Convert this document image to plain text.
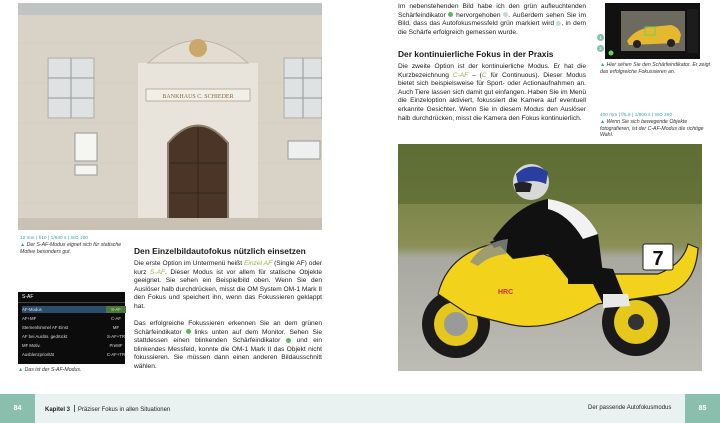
BANKHAUS C. SCHIEDER
12 mm | f/10 | 1/640 s | ISO 200
▲ Der S-AF-Modus eignet sich für statische Motive besonders gut.	Den Einzelbildautofokus nützlich einsetzen
Die erste Option im Untermenü heißt Einzel AF (Single AF) oder kurz S-AF. Dieser Modus ist vor allem für statische Objekte geeignet. Sie sehen ein Beispielbild oben. Wenn Sie den Auslöser halb durchdrücken, misst die OM System OM-1 Mark II den Fokus und speichert ihn, wenn das Fokussieren geklappt hat.
Das erfolgreiche Fokussieren erkennen Sie an dem grünen Schärfeindikator  links unten auf dem Monitor. Sehen Sie stattdessen einen blinkenden Schärfeindikator  und ein blinkendes Messfeld, konnte die OM-1 Mark II das Objekt nicht fokussieren. Sie müssen dann einen anderen Bildausschnitt wählen.
S-AF
AF-Modus	S-AF
AF+MF	C-AF
Sternenhimmel AF Einst	MF
AF bei Auslös. gedrückt	S-AF+TR
MF Motiv.	PreMF
Ausblenzpriorität	C-AF+TR
▲ Das ist der S-AF-Modus.
Im nebenstehenden Bild habe ich den grün aufleuchtenden Schärfeindikator  hervorgehoben . Außerdem sehen Sie im Bild, dass das Autofokusmessfeld grün markiert wird , in dem die Schärfe erfolgreich gemessen wurde.
1
2
▲ Hier sehen Sie den Schärfeindikator. Er zeigt das erfolgreiche Fokussieren an.
Der kontinuierliche Fokus in der Praxis
Die zweite Option ist der kontinuierliche Modus. Er hat die Kurzbezeichnung C-AF – (C für Continuous). Dieser Modus bietet sich beispielsweise für Sport- oder Actionaufnahmen an. Auch Tiere lassen sich damit gut einfangen. Haben Sie im Menü die Einzeloption aktiviert, fokussiert die Kamera auf eventuell erkannte Gesichter. Wenn Sie in diesem Modus den Auslöser halb durchdrücken, misst die Kamera den Fokus kontinuierlich.
400 mm | f/5.6 | 1/800 s | ISO 200
▲ Wenn Sie sich bewegende Objekte fotografieren, ist der C-AF-Modus die richtige Wahl.
7
HRC
84	Kapitel 3 Präziser Fokus in allen Situationen	Der passende Autofokusmodus	85
